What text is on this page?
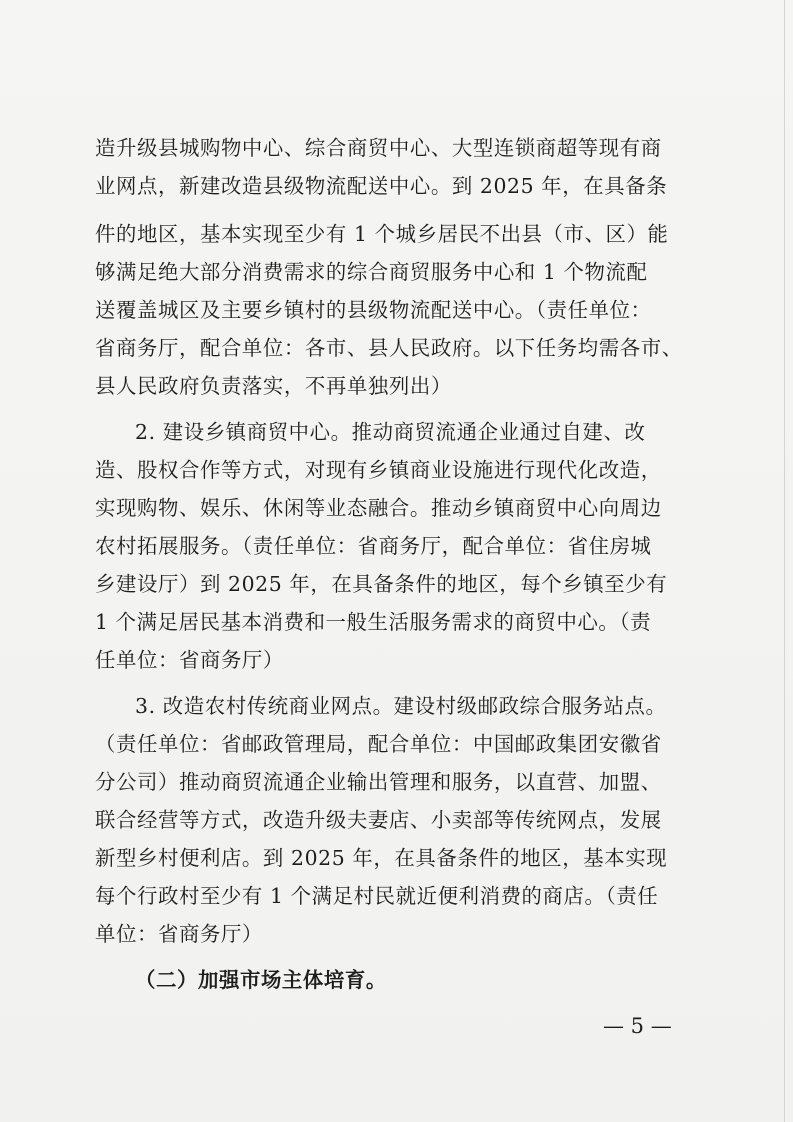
造升级县城购物中心、综合商贸中心、大型连锁商超等现有商
业网点，新建改造县级物流配送中心。到 2025 年，在具备条
件的地区，基本实现至少有 1 个城乡居民不出县（市、区）能
够满足绝大部分消费需求的综合商贸服务中心和 1 个物流配
送覆盖城区及主要乡镇村的县级物流配送中心。（责任单位：
省商务厅，配合单位：各市、县人民政府。以下任务均需各市、
县人民政府负责落实，不再单独列出）
2. 建设乡镇商贸中心。推动商贸流通企业通过自建、改
造、股权合作等方式，对现有乡镇商业设施进行现代化改造，
实现购物、娱乐、休闲等业态融合。推动乡镇商贸中心向周边
农村拓展服务。（责任单位：省商务厅，配合单位：省住房城
乡建设厅）到 2025 年，在具备条件的地区，每个乡镇至少有
1 个满足居民基本消费和一般生活服务需求的商贸中心。（责
任单位：省商务厅）
3. 改造农村传统商业网点。建设村级邮政综合服务站点。
（责任单位：省邮政管理局，配合单位：中国邮政集团安徽省
分公司）推动商贸流通企业输出管理和服务，以直营、加盟、
联合经营等方式，改造升级夫妻店、小卖部等传统网点，发展
新型乡村便利店。到 2025 年，在具备条件的地区，基本实现
每个行政村至少有 1 个满足村民就近便利消费的商店。（责任
单位：省商务厅）
（二）加强市场主体培育。
— 5 —
